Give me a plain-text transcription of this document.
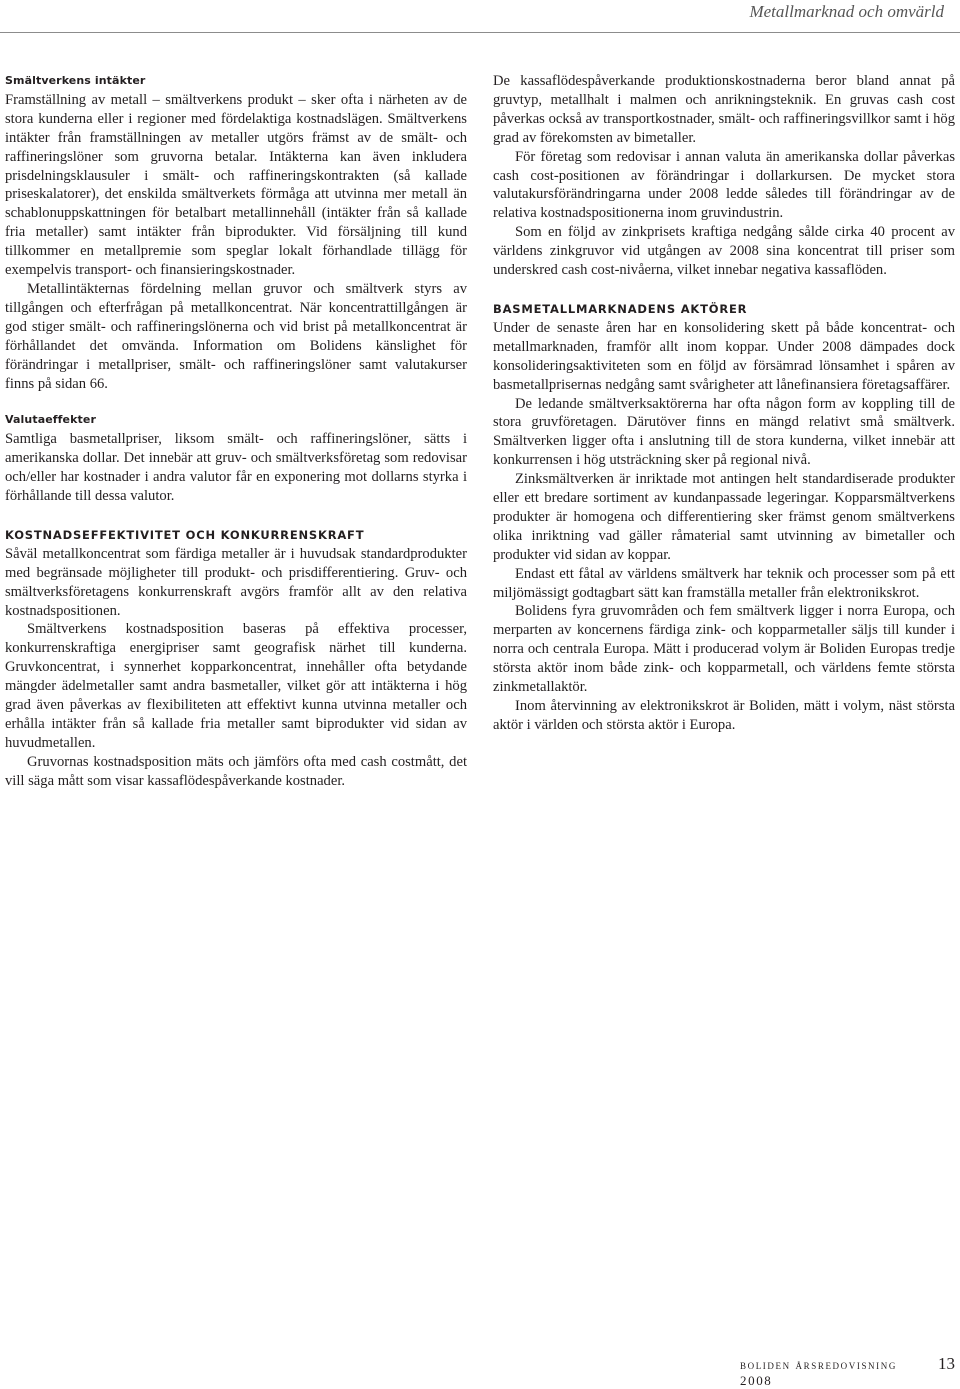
Metallmarknad och omvärld
Smältverkens intäkter

Framställning av metall – smältverkens produkt – sker ofta i närheten av de stora kunderna eller i regioner med fördelaktiga kostnadslägen. Smältverkens intäkter från framställningen av metaller utgörs främst av de smält- och raffineringslöner som gruvorna betalar. Intäkterna kan även inkludera prisdelningsklausuler i smält- och raffineringskontrakten (så kallade priseskalatorer), det enskilda smältverkets förmåga att utvinna mer metall än schablonuppskattningen för betalbart metallinnehåll (intäkter från så kallade fria metaller) samt intäkter från biprodukter. Vid försäljning till kund tillkommer en metallpremie som speglar lokalt förhandlade tillägg för exempelvis transport- och finansieringskostnader.

Metallintäkternas fördelning mellan gruvor och smältverk styrs av tillgången och efterfrågan på metallkoncentrat. När koncentrattillgången är god stiger smält- och raffineringslönerna och vid brist på metallkoncentrat är förhållandet det omvända. Information om Bolidens känslighet för förändringar i metallpriser, smält- och raffineringslöner samt valutakurser finns på sidan 66.

Valutaeffekter

Samtliga basmetallpriser, liksom smält- och raffineringslöner, sätts i amerikanska dollar. Det innebär att gruv- och smältverksföretag som redovisar och/eller har kostnader i andra valutor får en exponering mot dollarns styrka i förhållande till dessa valutor.

KOSTNADSEFFEKTIVITET OCH KONKURRENSKRAFT

Såväl metallkoncentrat som färdiga metaller är i huvudsak standardprodukter med begränsade möjligheter till produkt- och prisdifferentiering. Gruv- och smältverksföretagens konkurrenskraft avgörs framför allt av den relativa kostnadspositionen.

Smältverkens kostnadsposition baseras på effektiva processer, konkurrenskraftiga energipriser samt geografisk närhet till kunderna. Gruvkoncentrat, i synnerhet kopparkoncentrat, innehåller ofta betydande mängder ädelmetaller samt andra basmetaller, vilket gör att intäkterna i hög grad även påverkas av flexibiliteten att effektivt kunna utvinna metaller och erhålla intäkter från så kallade fria metaller samt biprodukter vid sidan av huvudmetallen.

Gruvornas kostnadsposition mäts och jämförs ofta med cash costmått, det vill säga mått som visar kassaflödespåverkande kostnader.

De kassaflödespåverkande produktionskostnaderna beror bland annat på gruvtyp, metallhalt i malmen och anrikningsteknik. En gruvas cash cost påverkas också av transportkostnader, smält- och raffineringsvillkor samt i hög grad av förekomsten av bimetaller.

För företag som redovisar i annan valuta än amerikanska dollar påverkas cash cost-positionen av förändringar i dollarkursen. De mycket stora valutakursförändringarna under 2008 ledde således till förändringar av de relativa kostnadspositionerna inom gruvindustrin.

Som en följd av zinkprisets kraftiga nedgång sålde cirka 40 procent av världens zinkgruvor vid utgången av 2008 sina koncentrat till priser som underskred cash cost-nivåerna, vilket innebar negativa kassaflöden.

BASMETALLMARKNADENS AKTÖRER

Under de senaste åren har en konsolidering skett på både koncentrat- och metallmarknaden, framför allt inom koppar. Under 2008 dämpades dock konsolideringsaktiviteten som en följd av försämrad lönsamhet i spåren av basmetallprisernas nedgång samt svårigheter att lånefinansiera företagsaffärer.

De ledande smältverksaktörerna har ofta någon form av koppling till de stora gruvföretagen. Därutöver finns en mängd relativt små smältverk. Smältverken ligger ofta i anslutning till de stora kunderna, vilket innebär att konkurrensen i hög utsträckning sker på regional nivå.

Zinksmältverken är inriktade mot antingen helt standardiserade produkter eller ett bredare sortiment av kundanpassade legeringar. Kopparsmältverkens produkter är homogena och differentiering sker främst genom smältverkens olika inriktning vad gäller råmaterial samt utvinning av bimetaller och produkter vid sidan av koppar.

Endast ett fåtal av världens smältverk har teknik och processer som på ett miljömässigt godtagbart sätt kan framställa metaller från elektronikskrot.

Bolidens fyra gruvområden och fem smältverk ligger i norra Europa, och merparten av koncernens färdiga zink- och kopparmetaller säljs till kunder i norra och centrala Europa. Mätt i producerad volym är Boliden Europas tredje största aktör inom både zink- och kopparmetall, och världens femte största zinkmetallaktör.

Inom återvinning av elektronikskrot är Boliden, mätt i volym, näst största aktör i världen och största aktör i Europa.

boliden årsredovisning 2008
13
